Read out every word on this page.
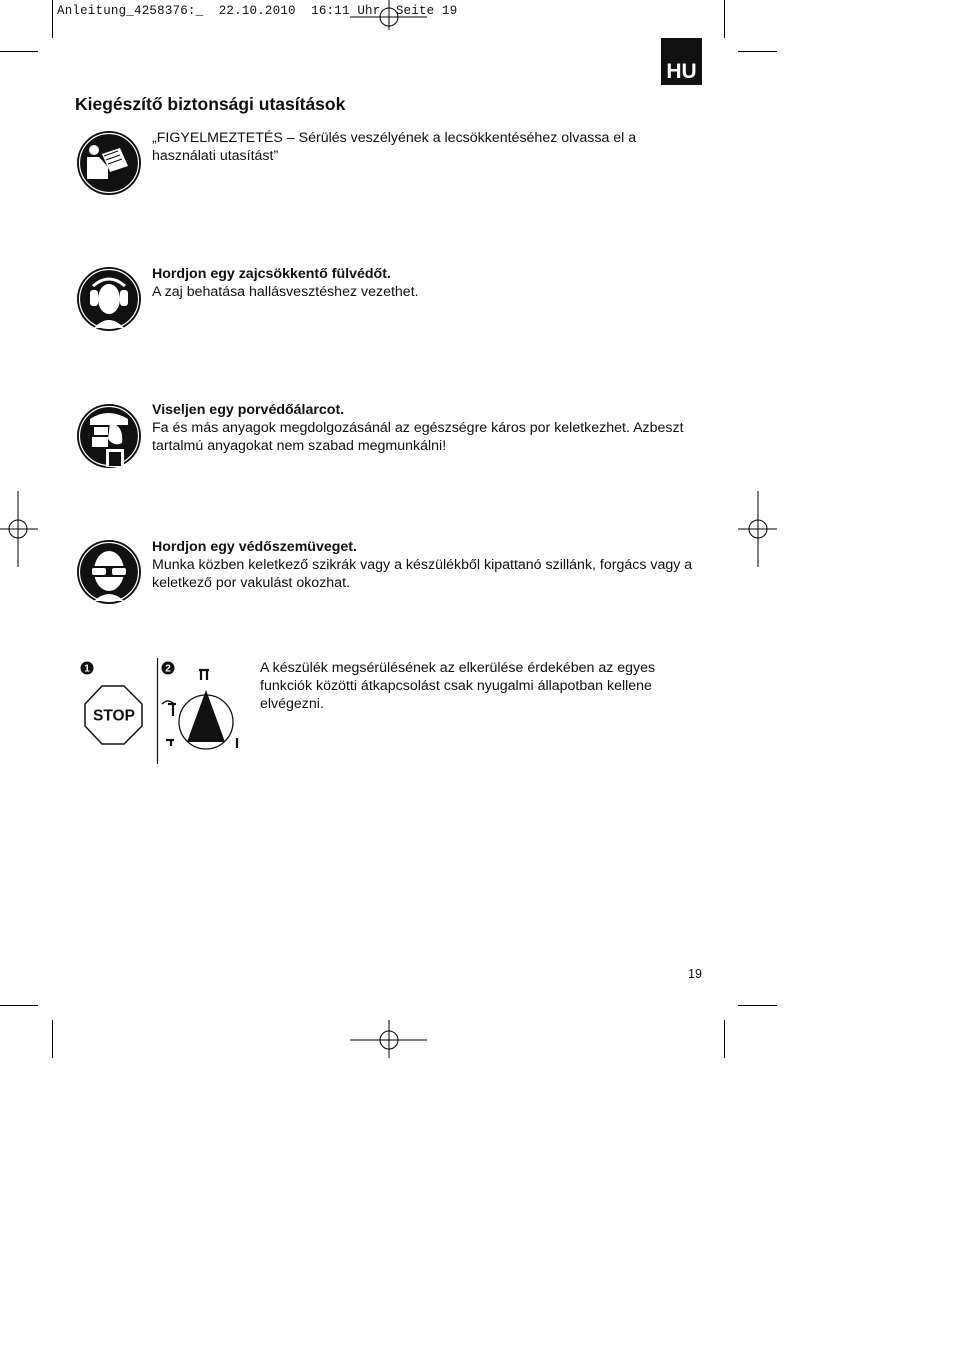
Anleitung_4258376:_  22.10.2010  16:11 Uhr  Seite 19
HU
Kiegészítő biztonsági utasítások
„FIGYELMEZTETÉS – Sérülés veszélyének a lecsökkentéséhez olvassa el a használati utasítást”
Hordjon egy zajcsökkentő fülvédőt.
A zaj behatása hallásvesztéshez vezethet.
Viseljen egy porvédőálarcot.
Fa és más anyagok megdolgozásánál az egészségre káros por keletkezhet. Azbeszt tartalmú anyagokat nem szabad megmunkálni!
Hordjon egy védőszemüveget.
Munka közben keletkező szikrák vagy a készülékből kipattanó szillánk, forgács vagy a keletkező por vakulást okozhat.
1
STOP
2	A készülék megsérülésének az elkerülése érdekében az egyes funkciók közötti átkapcsolást csak nyugalmi állapotban kellene elvégezni.
19
